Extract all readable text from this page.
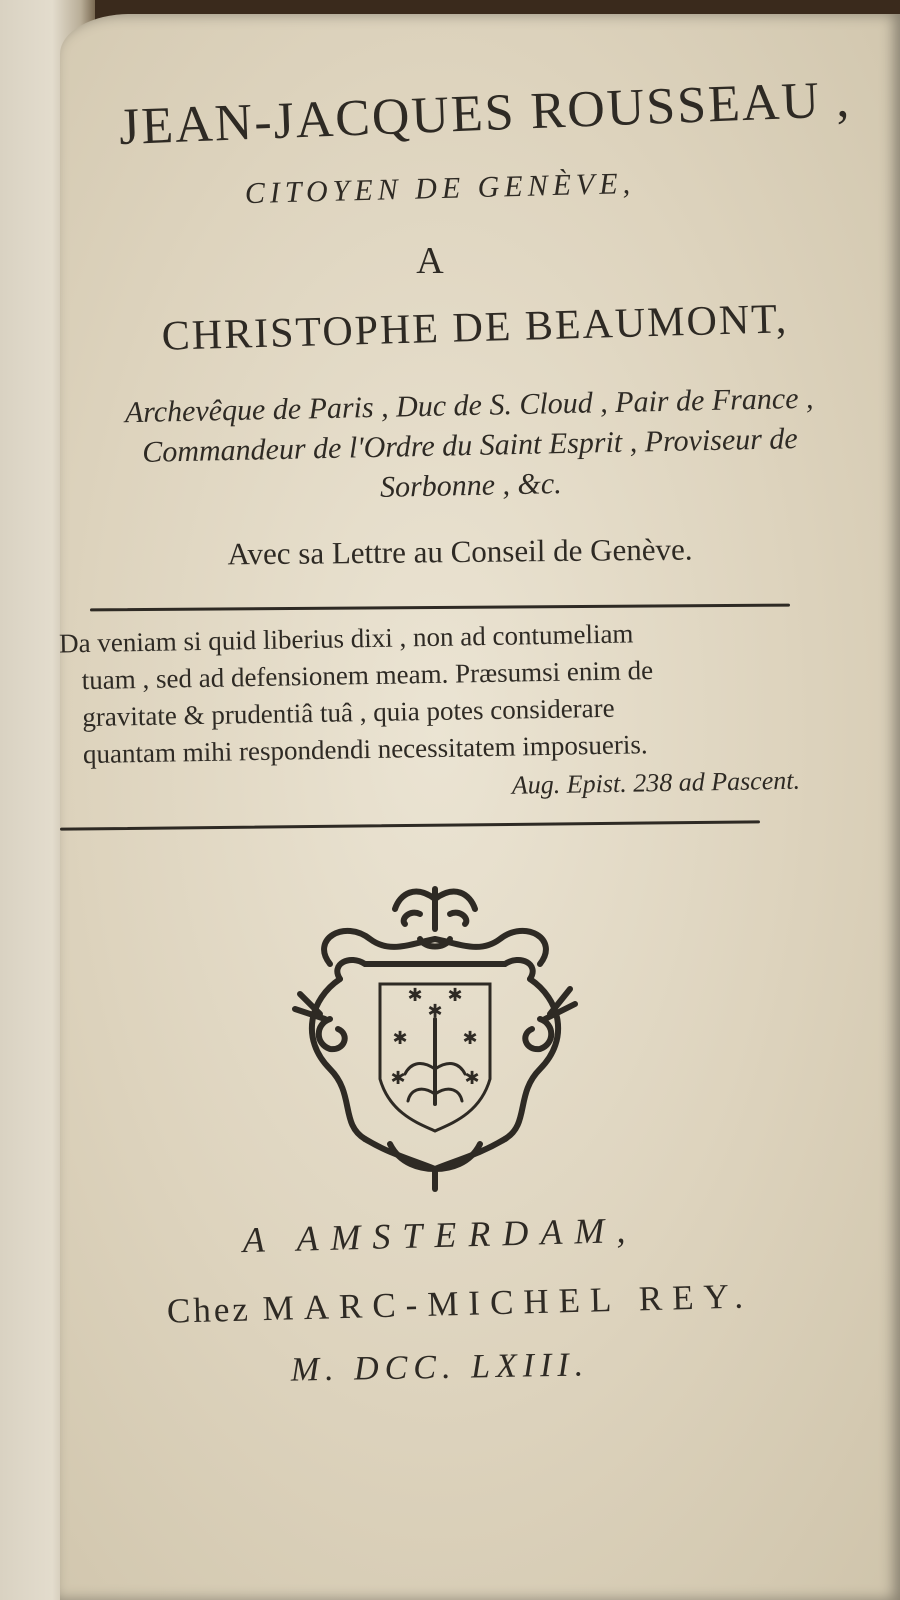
JEAN-JACQUES ROUSSEAU ,
CITOYEN DE GENÈVE,
A
CHRISTOPHE DE BEAUMONT,
Archevêque de Paris , Duc de S. Cloud , Pair de France , Commandeur de l'Ordre du Saint Esprit , Proviseur de Sorbonne , &c.
Avec sa Lettre au Conseil de Genève.
Da veniam si quid liberius dixi , non ad contumeliam
tuam , sed ad defensionem meam. Præsumsi enim de
gravitate & prudentiâ tuâ , quia potes considerare
quantam mihi respondendi necessitatem imposueris.
Aug. Epist. 238 ad Pascent.
✱
✱ ✱
✱	✱
✱	✱
A AMSTERDAM,
Chez MARC-MICHEL REY.
M. DCC. LXIII.
